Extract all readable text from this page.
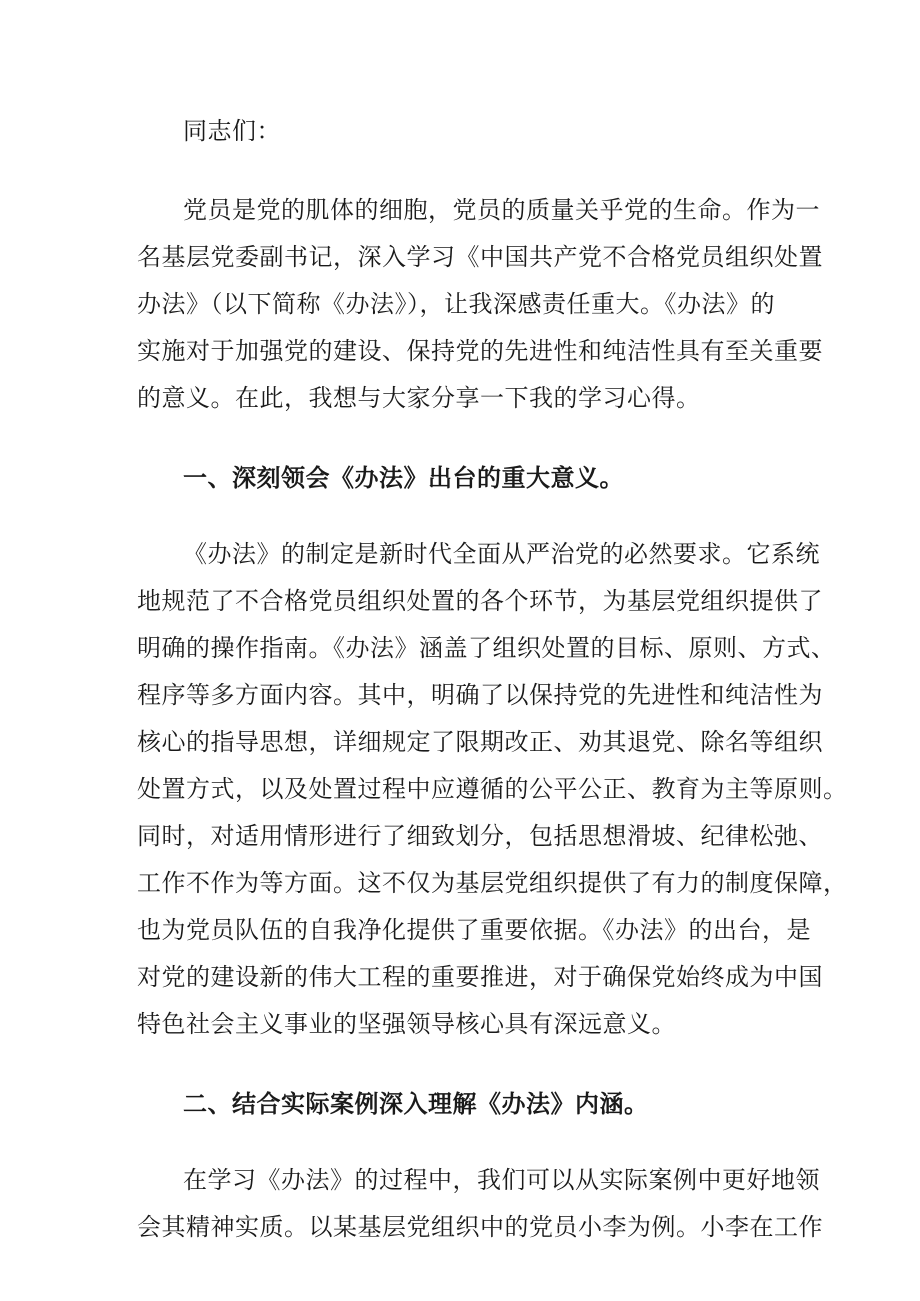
同志们：
党员是党的肌体的细胞，党员的质量关乎党的生命。作为一
名基层党委副书记，深入学习《中国共产党不合格党员组织处置
办法》（以下简称《办法》），让我深感责任重大。《办法》的
实施对于加强党的建设、保持党的先进性和纯洁性具有至关重要
的意义。在此，我想与大家分享一下我的学习心得。
一、深刻领会《办法》出台的重大意义。
《办法》的制定是新时代全面从严治党的必然要求。它系统
地规范了不合格党员组织处置的各个环节，为基层党组织提供了
明确的操作指南。《办法》涵盖了组织处置的目标、原则、方式、
程序等多方面内容。其中，明确了以保持党的先进性和纯洁性为
核心的指导思想，详细规定了限期改正、劝其退党、除名等组织
处置方式，以及处置过程中应遵循的公平公正、教育为主等原则。
同时，对适用情形进行了细致划分，包括思想滑坡、纪律松弛、
工作不作为等方面。这不仅为基层党组织提供了有力的制度保障，
也为党员队伍的自我净化提供了重要依据。《办法》的出台，是
对党的建设新的伟大工程的重要推进，对于确保党始终成为中国
特色社会主义事业的坚强领导核心具有深远意义。
二、结合实际案例深入理解《办法》内涵。
在学习《办法》的过程中，我们可以从实际案例中更好地领
会其精神实质。以某基层党组织中的党员小李为例。小李在工作
